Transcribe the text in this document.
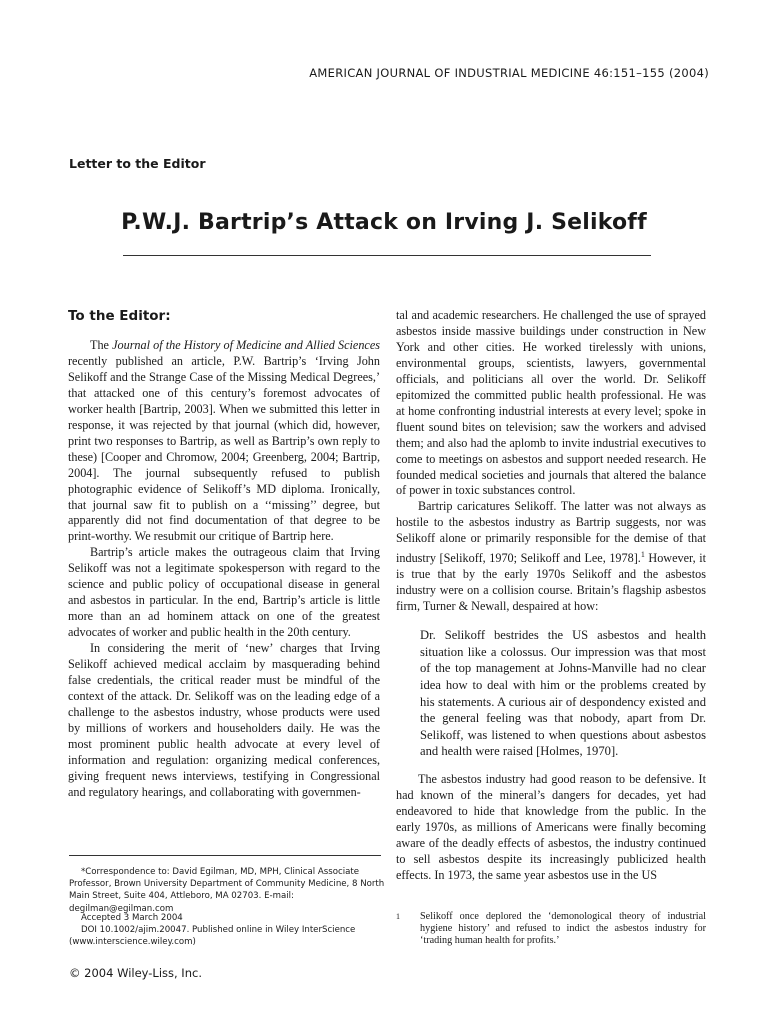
AMERICAN JOURNAL OF INDUSTRIAL MEDICINE 46:151–155 (2004)
Letter to the Editor
P.W.J. Bartrip’s Attack on Irving J. Selikoff
To the Editor:

The Journal of the History of Medicine and Allied Sciences recently published an article, P.W. Bartrip’s ‘Irving John Selikoff and the Strange Case of the Missing Medical Degrees,’ that attacked one of this century’s foremost advocates of worker health [Bartrip, 2003]. When we submitted this letter in response, it was rejected by that journal (which did, however, print two responses to Bartrip, as well as Bartrip’s own reply to these) [Cooper and Chromow, 2004; Greenberg, 2004; Bartrip, 2004]. The journal subsequently refused to publish photographic evidence of Selikoff’s MD diploma. Ironically, that journal saw fit to publish on a ‘‘missing’’ degree, but apparently did not find documentation of that degree to be print-worthy. We resubmit our critique of Bartrip here.

Bartrip’s article makes the outrageous claim that Irving Selikoff was not a legitimate spokesperson with regard to the science and public policy of occupational disease in general and asbestos in particular. In the end, Bartrip’s article is little more than an ad hominem attack on one of the greatest advocates of worker and public health in the 20th century.

In considering the merit of ‘new’ charges that Irving Selikoff achieved medical acclaim by masquerading behind false credentials, the critical reader must be mindful of the context of the attack. Dr. Selikoff was on the leading edge of a challenge to the asbestos industry, whose products were used by millions of workers and householders daily. He was the most prominent public health advocate at every level of information and regulation: organizing medical conferences, giving frequent news interviews, testifying in Congressional and regulatory hearings, and collaborating with governmen-

tal and academic researchers. He challenged the use of sprayed asbestos inside massive buildings under construction in New York and other cities. He worked tirelessly with unions, environmental groups, scientists, lawyers, governmental officials, and politicians all over the world. Dr. Selikoff epitomized the committed public health professional. He was at home confronting industrial interests at every level; spoke in fluent sound bites on television; saw the workers and advised them; and also had the aplomb to invite industrial executives to come to meetings on asbestos and support needed research. He founded medical societies and journals that altered the balance of power in toxic substances control.

Bartrip caricatures Selikoff. The latter was not always as hostile to the asbestos industry as Bartrip suggests, nor was Selikoff alone or primarily responsible for the demise of that industry [Selikoff, 1970; Selikoff and Lee, 1978].$^1$ However, it is true that by the early 1970s Selikoff and the asbestos industry were on a collision course. Britain’s flagship asbestos firm, Turner & Newall, despaired at how:

Dr. Selikoff bestrides the US asbestos and health situation like a colossus. Our impression was that most of the top management at Johns-Manville had no clear idea how to deal with him or the problems created by his statements. A curious air of despondency existed and the general feeling was that nobody, apart from Dr. Selikoff, was listened to when questions about asbestos and health were raised [Holmes, 1970].

The asbestos industry had good reason to be defensive. It had known of the mineral’s dangers for decades, yet had endeavored to hide that knowledge from the public. In the early 1970s, as millions of Americans were finally becoming aware of the deadly effects of asbestos, the industry continued to sell asbestos despite its increasingly publicized health effects. In 1973, the same year asbestos use in the US

*Correspondence to: David Egilman, MD, MPH, Clinical Associate Professor, Brown University Department of Community Medicine, 8 North Main Street, Suite 404, Attleboro, MA 02703. E-mail: degilman@egilman.com
Accepted 3 March 2004
DOI 10.1002/ajim.20047. Published online in Wiley InterScience
(www.interscience.wiley.com)
© 2004 Wiley-Liss, Inc.
1 Selikoff once deplored the ‘demonological theory of industrial hygiene history’ and refused to indict the asbestos industry for ‘trading human health for profits.’
